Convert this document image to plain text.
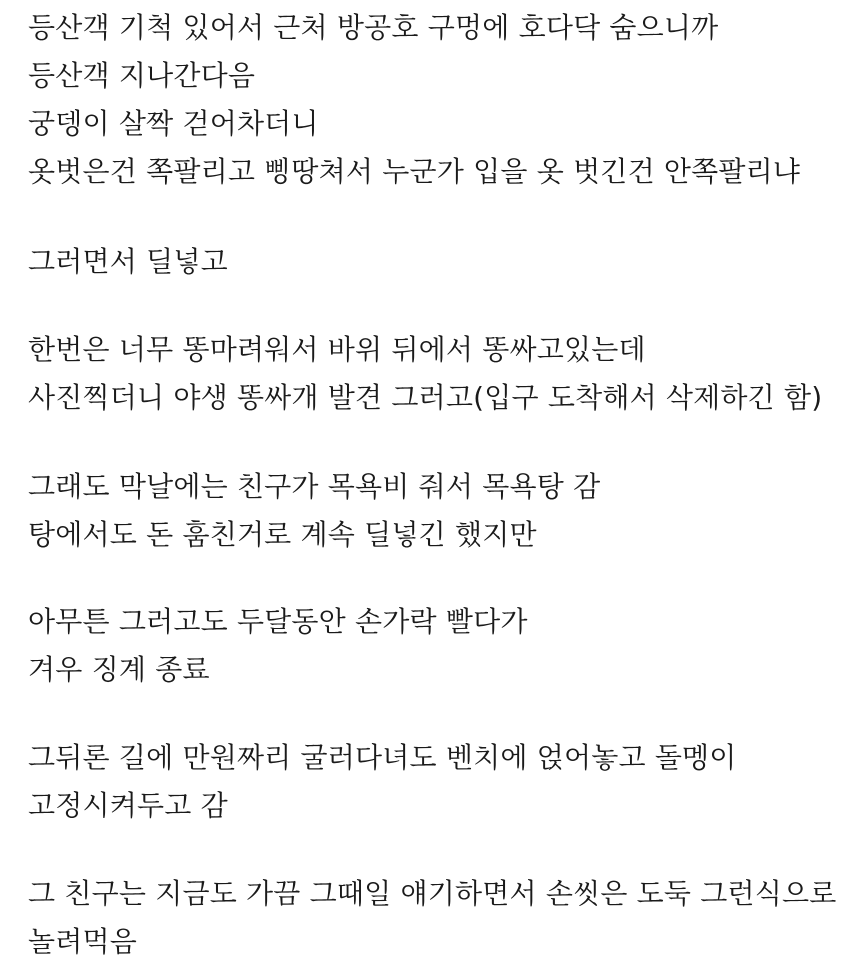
등산객 기척 있어서 근처 방공호 구멍에 호다닥 숨으니까
등산객 지나간다음
궁뎅이 살짝 걷어차더니
옷벗은건 쪽팔리고 삥땅쳐서 누군가 입을 옷 벗긴건 안쪽팔리냐
그러면서 딜넣고
한번은 너무 똥마려워서 바위 뒤에서 똥싸고있는데
사진찍더니 야생 똥싸개 발견 그러고(입구 도착해서 삭제하긴 함)
그래도 막날에는 친구가 목욕비 줘서 목욕탕 감
탕에서도 돈 훔친거로 계속 딜넣긴 했지만
아무튼 그러고도 두달동안 손가락 빨다가
겨우 징계 종료
그뒤론 길에 만원짜리 굴러다녀도 벤치에 얹어놓고 돌멩이
고정시켜두고 감
그 친구는 지금도 가끔 그때일 얘기하면서 손씻은 도둑 그런식으로
놀려먹음
